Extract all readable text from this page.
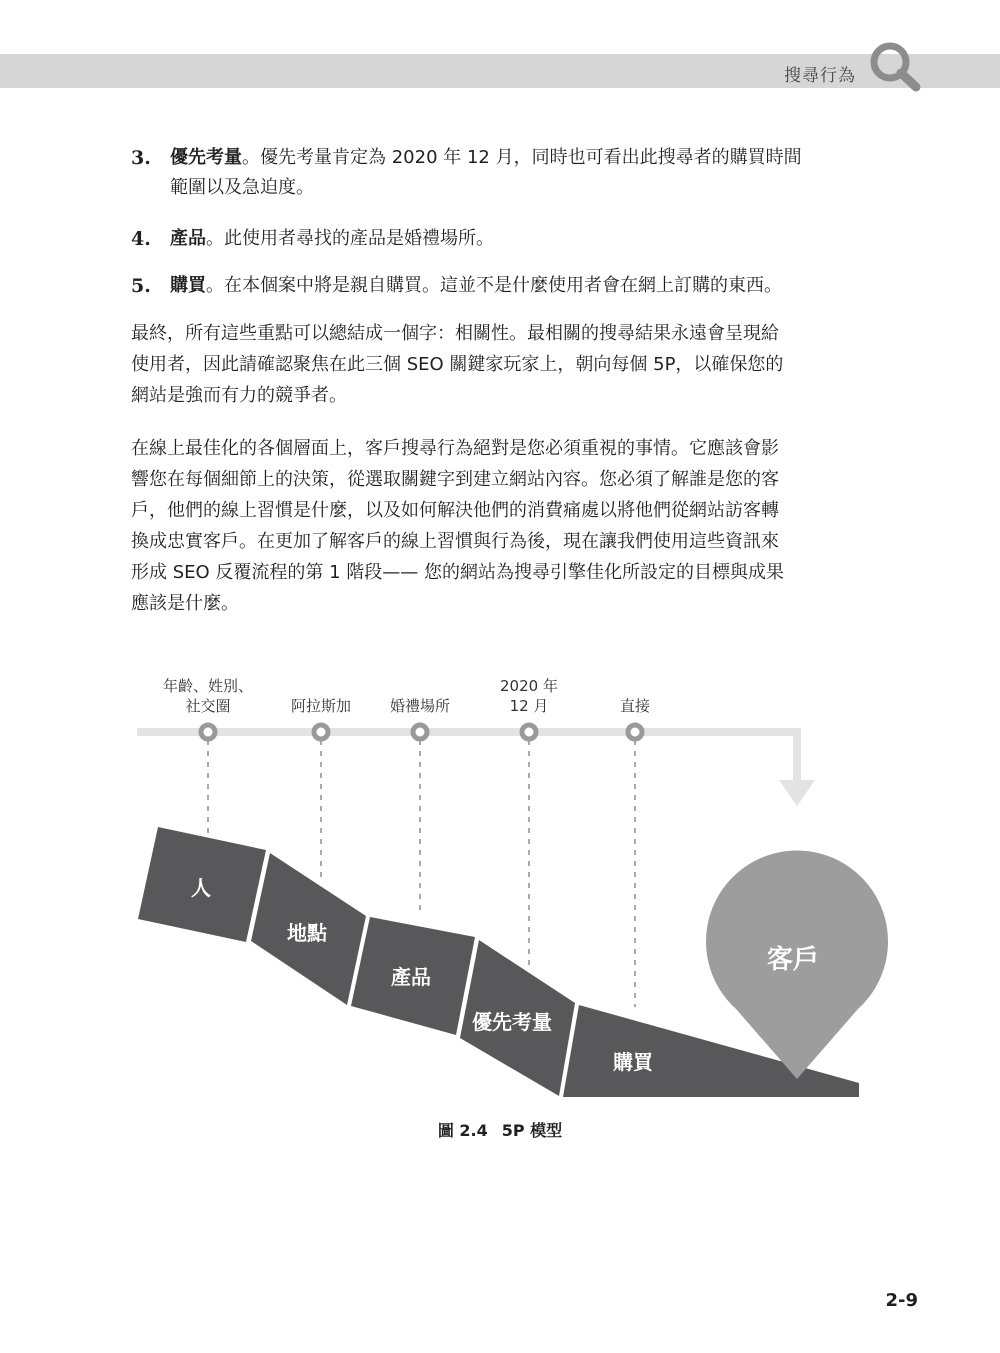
搜尋行為
3. 優先考量。優先考量肯定為 2020 年 12 月，同時也可看出此搜尋者的購買時間
範圍以及急迫度。
4. 產品。此使用者尋找的產品是婚禮場所。
5. 購買。在本個案中將是親自購買。這並不是什麼使用者會在網上訂購的東西。
最終，所有這些重點可以總結成一個字：相關性。最相關的搜尋結果永遠會呈現給
使用者，因此請確認聚焦在此三個 SEO 關鍵家玩家上，朝向每個 5P，以確保您的
網站是強而有力的競爭者。
在線上最佳化的各個層面上，客戶搜尋行為絕對是您必須重視的事情。它應該會影
響您在每個細節上的決策，從選取關鍵字到建立網站內容。您必須了解誰是您的客
戶，他們的線上習慣是什麼，以及如何解決他們的消費痛處以將他們從網站訪客轉
換成忠實客戶。在更加了解客戶的線上習慣與行為後，現在讓我們使用這些資訊來
形成 SEO 反覆流程的第 1 階段—— 您的網站為搜尋引擎佳化所設定的目標與成果
應該是什麼。
年齡、姓別、
社交圈	阿拉斯加	婚禮場所
2020 年
12 月	直接
人
地點
產品
優先考量
購買
客戶
圖 2.4 5P 模型
2-9
